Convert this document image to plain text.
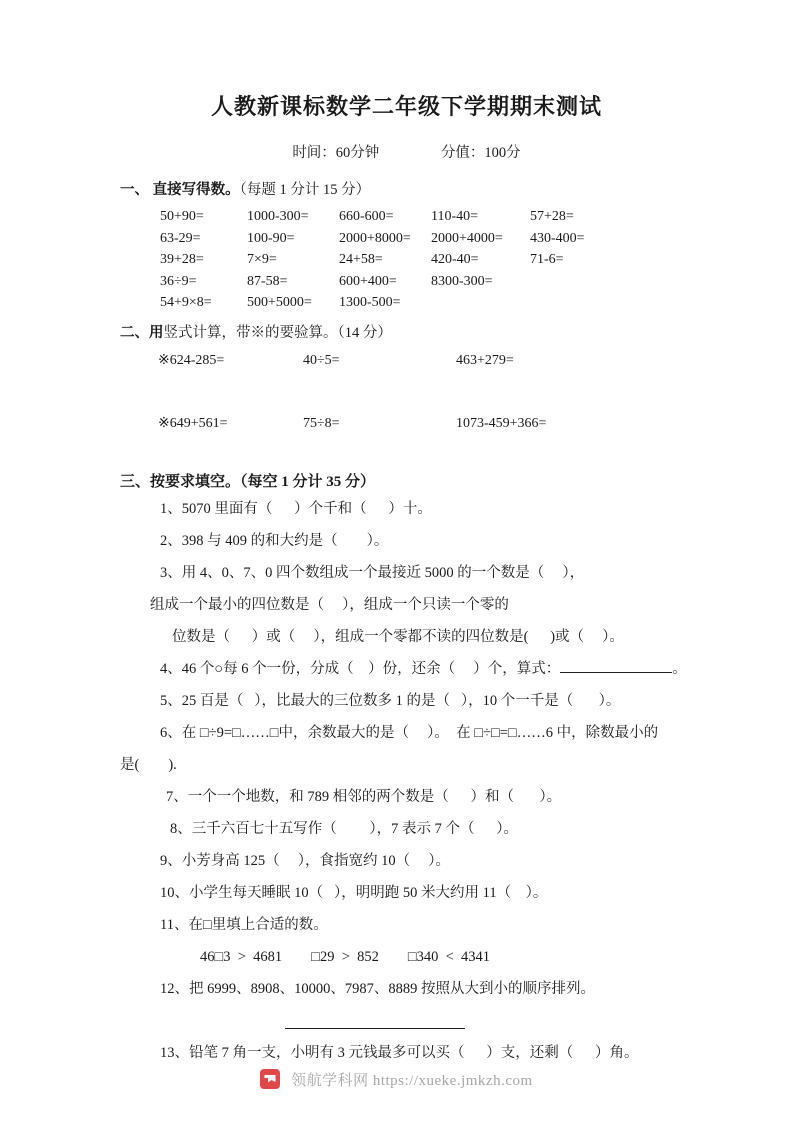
人教新课标数学二年级下学期期末测试
时间：60分钟	分值：100分
一、 直接写得数。（每题 1 分计 15 分）
50+90=	1000-300= 660-600=	110-40=	57+28=
63-29=	100-90=	2000+8000= 2000+4000= 430-400=
39+28=	7×9=	24+58=	420-40=	71-6=
36÷9=	87-58=	600+400= 8300-300=
54+9×8=	500+5000= 1300-500=
二、用竖式计算，带※的要验算。（14 分）
※624-285=	40÷5=	463+279=
※649+561=	75÷8=	1073-459+366=
三、按要求填空。（每空 1 分计 35 分）

1、5070 里面有（      ）个千和（      ）十。

2、398 与 409 的和大约是（        ）。

3、用 4、0、7、0 四个数组成一个最接近 5000 的一个数是（     ），

组成一个最小的四位数是（     ），组成一个只读一个零的

位数是（      ）或（     ），组成一个零都不读的四位数是(      )或（     ）。

4、46 个○每 6 个一份，分成（    ）份，还余（     ）个，算式：	。

5、25 百是（   ），比最大的三位数多 1 的是（   ），10 个一千是（       ）。

6、在 □÷9=□……□中，余数最大的是（     ）。  在 □÷□=□……6 中，除数最小的

是(        ).

7、一个一个地数，和 789 相邻的两个数是（      ）和（       ）。

8、三千六百七十五写作（         ），7 表示 7 个（      ）。

9、小芳身高 125（     ），食指宽约 10（     ）。

10、小学生每天睡眠 10（   ），明明跑 50 米大约用 11（    ）。

11、在□里填上合适的数。

46□3  >  4681        □29  >  852        □340  <  4341

12、把 6999、8908、10000、7987、8889 按照从大到小的顺序排列。

13、铅笔 7 角一支，小明有 3 元钱最多可以买（      ）支，还剩（      ）角。

领航学科网 https://xueke.jmkzh.com
